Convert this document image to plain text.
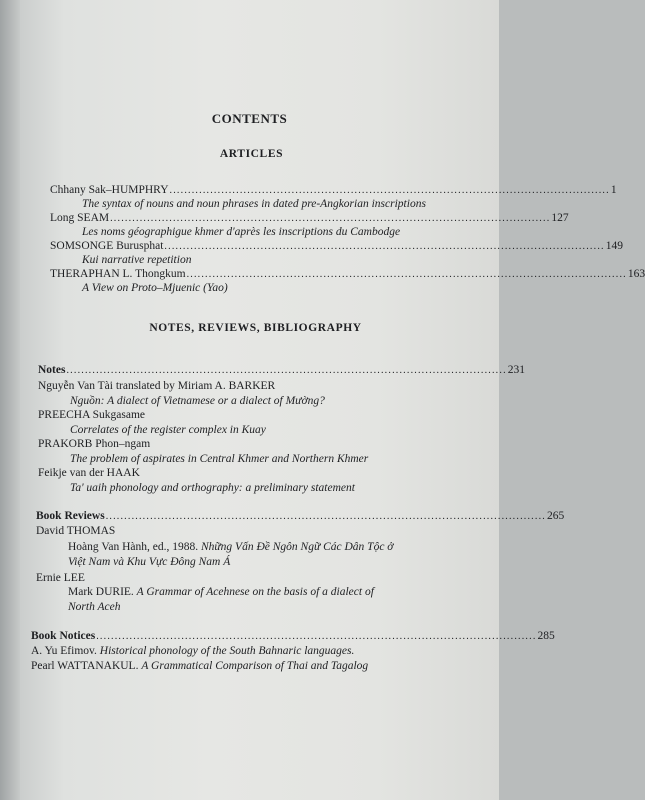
CONTENTS
ARTICLES
Chhany Sak–HUMPHRY ....................................................................................................................... 1
The syntax of nouns and noun phrases in dated pre-Angkorian inscriptions
Long SEAM ....................................................................................................................... 127
Les noms géographigue khmer d'après les inscriptions du Cambodge
SOMSONGE Burusphat ....................................................................................................................... 149
Kui narrative repetition
THERAPHAN L. Thongkum ....................................................................................................................... 163
A View on Proto–Mjuenic (Yao)
NOTES, REVIEWS, BIBLIOGRAPHY
Notes ....................................................................................................................... 231
Nguyễn Van Tài translated by Miriam A. BARKER
Nguồn: A dialect of Vietnamese or a dialect of Mường?
PREECHA Sukgasame
Correlates of the register complex in Kuay
PRAKORB Phon–ngam
The problem of aspirates in Central Khmer and Northern Khmer
Feikje van der HAAK
Ta' uaih phonology and orthography: a preliminary statement
Book Reviews ....................................................................................................................... 265
David THOMAS
Hoàng Van Hành, ed., 1988. Những Vấn Đề Ngôn Ngữ Các Dân Tộc ở
Việt Nam và Khu Vực Đông Nam Á
Ernie LEE
Mark DURIE. A Grammar of Acehnese on the basis of a dialect of
North Aceh
Book Notices ....................................................................................................................... 285
A. Yu Efimov. Historical phonology of the South Bahnaric languages.
Pearl WATTANAKUL. A Grammatical Comparison of Thai and Tagalog
